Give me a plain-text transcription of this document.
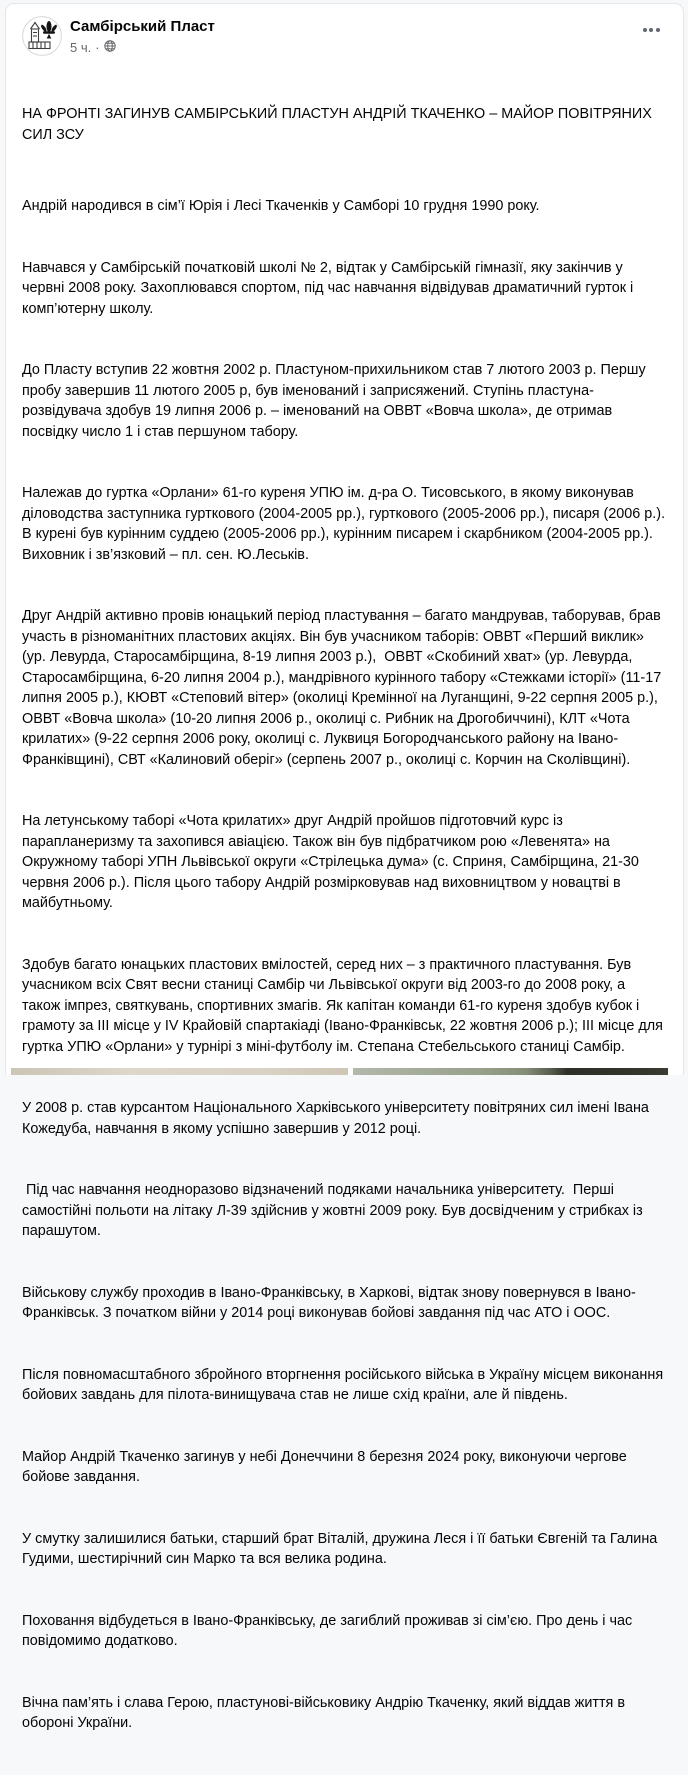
Самбірський Пласт
5 ч. ·

НА ФРОНТІ ЗАГИНУВ САМБІРСЬКИЙ ПЛАСТУН АНДРІЙ ТКАЧЕНКО – МАЙОР ПОВІТРЯНИХ СИЛ ЗСУ

Андрій народився в сім’ї Юрія і Лесі Ткаченків у Самборі 10 грудня 1990 року.

Навчався у Самбірській початковій школі № 2, відтак у Самбірській гімназії, яку закінчив у червні 2008 року. Захоплювався спортом, під час навчання відвідував драматичний гурток і комп’ютерну школу.

До Пласту вступив 22 жовтня 2002 р. Пластуном-прихильником став 7 лютого 2003 р. Першу пробу завершив 11 лютого 2005 р, був іменований і заприсяжений. Ступінь пластуна-розвідувача здобув 19 липня 2006 р. – іменований на ОВВТ «Вовча школа», де отримав посвідку число 1 і став першуном табору.

Належав до гуртка «Орлани» 61-го куреня УПЮ ім. д-ра О. Тисовського, в якому виконував діловодства заступника гурткового (2004-2005 рр.), гурткового (2005-2006 рр.), писаря (2006 р.). В курені був курінним суддею (2005-2006 рр.), курінним писарем і скарбником (2004-2005 рр.). Виховник і зв’язковий – пл. сен. Ю.Леськів.

Друг Андрій активно провів юнацький період пластування – багато мандрував, таборував, брав участь в різноманітних пластових акціях. Він був учасником таборів: ОВВТ «Перший виклик» (ур. Левурда, Старосамбірщина, 8-19 липня 2003 р.),  ОВВТ «Скобиний хват» (ур. Левурда, Старосамбірщина, 6-20 липня 2004 р.), мандрівного курінного табору «Стежками історії» (11-17 липня 2005 р.), КЮВТ «Степовий вітер» (околиці Кремінної на Луганщині, 9-22 серпня 2005 р.), ОВВТ «Вовча школа» (10-20 липня 2006 р., околиці с. Рибник на Дрогобиччині), КЛТ «Чота крилатих» (9-22 серпня 2006 року, околиці с. Луквиця Богородчанського району на Івано-Франківщині), СВТ «Калиновий оберіг» (серпень 2007 р., околиці с. Корчин на Сколівщині).

На летунському таборі «Чота крилатих» друг Андрій пройшов підготовчий курс із парапланеризму та захопився авіацією. Також він був підбратчиком рою «Левенята» на Окружному таборі УПН Львівської округи «Стрілецька дума» (с. Сприня, Самбірщина, 21-30 червня 2006 р.). Після цього табору Андрій розмірковував над виховництвом у новацтві в майбутньому.

Здобув багато юнацьких пластових вмілостей, серед них – з практичного пластування. Був учасником всіх Свят весни станиці Самбір чи Львівської округи від 2003-го до 2008 року, а також імпрез, святкувань, спортивних змагів. Як капітан команди 61-го куреня здобув кубок і грамоту за III місце у IV Крайовій спартакіаді (Івано-Франківськ, 22 жовтня 2006 р.); III місце для гуртка УПЮ «Орлани» у турнірі з міні-футболу ім. Степана Стебельського станиці Самбір.

У 2008 р. став курсантом Національного Харківського університету повітряних сил імені Івана Кожедуба, навчання в якому успішно завершив у 2012 році.

Під час навчання неодноразово відзначений подяками начальника університету.  Перші самостійні польоти на літаку Л-39 здійснив у жовтні 2009 року. Був досвідченим у стрибках із парашутом.

Військову службу проходив в Івано-Франківську, в Харкові, відтак знову повернувся в Івано-Франківськ. З початком війни у 2014 році виконував бойові завдання під час АТО і ООС.

Після повномасштабного збройного вторгнення російського війська в Україну місцем виконання бойових завдань для пілота-винищувача став не лише схід країни, але й південь.

Майор Андрій Ткаченко загинув у небі Донеччини 8 березня 2024 року, виконуючи чергове бойове завдання.

У смутку залишилися батьки, старший брат Віталій, дружина Леся і її батьки Євгеній та Галина Гудими, шестирічний син Марко та вся велика родина.

Поховання відбудеться в Івано-Франківську, де загиблий проживав зі сім’єю. Про день і час повідомимо додатково.

Вічна пам’ять і слава Герою, пластунові-військовику Андрію Ткаченку, який віддав життя в обороні України.
